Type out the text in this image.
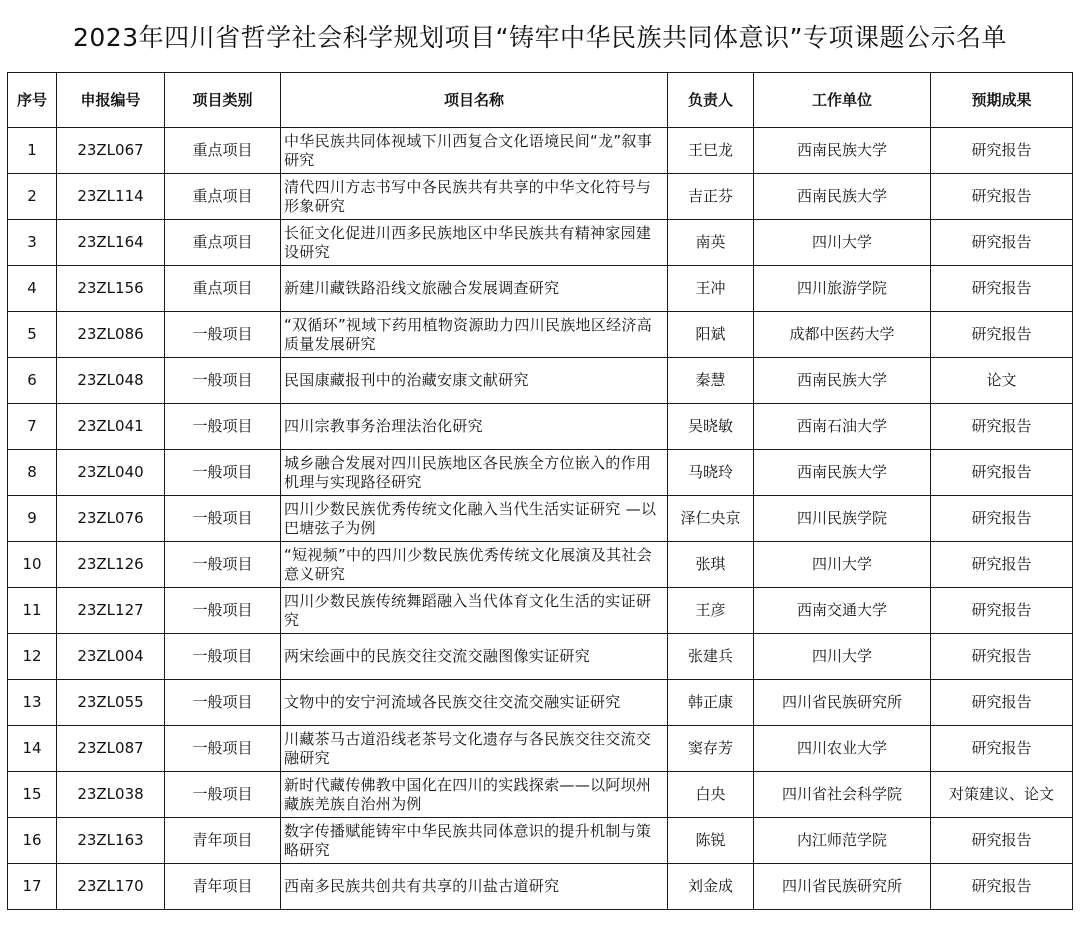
2023年四川省哲学社会科学规划项目“铸牢中华民族共同体意识”专项课题公示名单
序号	申报编号	项目类别	项目名称	负责人	工作单位	预期成果
1	23ZL067	重点项目	中华民族共同体视域下川西复合文化语境民间“龙”叙事研究	王巳龙	西南民族大学	研究报告
2	23ZL114	重点项目	清代四川方志书写中各民族共有共享的中华文化符号与形象研究	吉正芬	西南民族大学	研究报告
3	23ZL164	重点项目	长征文化促进川西多民族地区中华民族共有精神家园建设研究	南英	四川大学	研究报告
4	23ZL156	重点项目	新建川藏铁路沿线文旅融合发展调查研究	王冲	四川旅游学院	研究报告
5	23ZL086	一般项目	“双循环”视域下药用植物资源助力四川民族地区经济高质量发展研究	阳斌	成都中医药大学	研究报告
6	23ZL048	一般项目	民国康藏报刊中的治藏安康文献研究	秦慧	西南民族大学	论文
7	23ZL041	一般项目	四川宗教事务治理法治化研究	吴晓敏	西南石油大学	研究报告
8	23ZL040	一般项目	城乡融合发展对四川民族地区各民族全方位嵌入的作用机理与实现路径研究	马晓玲	西南民族大学	研究报告
9	23ZL076	一般项目	四川少数民族优秀传统文化融入当代生活实证研究 —以巴塘弦子为例	泽仁央京	四川民族学院	研究报告
10	23ZL126	一般项目	“短视频”中的四川少数民族优秀传统文化展演及其社会意义研究	张琪	四川大学	研究报告
11	23ZL127	一般项目	四川少数民族传统舞蹈融入当代体育文化生活的实证研究	王彦	西南交通大学	研究报告
12	23ZL004	一般项目	两宋绘画中的民族交往交流交融图像实证研究	张建兵	四川大学	研究报告
13	23ZL055	一般项目	文物中的安宁河流域各民族交往交流交融实证研究	韩正康	四川省民族研究所	研究报告
14	23ZL087	一般项目	川藏茶马古道沿线老茶号文化遗存与各民族交往交流交融研究	窦存芳	四川农业大学	研究报告
15	23ZL038	一般项目	新时代藏传佛教中国化在四川的实践探索——以阿坝州藏族羌族自治州为例	白央	四川省社会科学院	对策建议、论文
16	23ZL163	青年项目	数字传播赋能铸牢中华民族共同体意识的提升机制与策略研究	陈锐	内江师范学院	研究报告
17	23ZL170	青年项目	西南多民族共创共有共享的川盐古道研究	刘金成	四川省民族研究所	研究报告
